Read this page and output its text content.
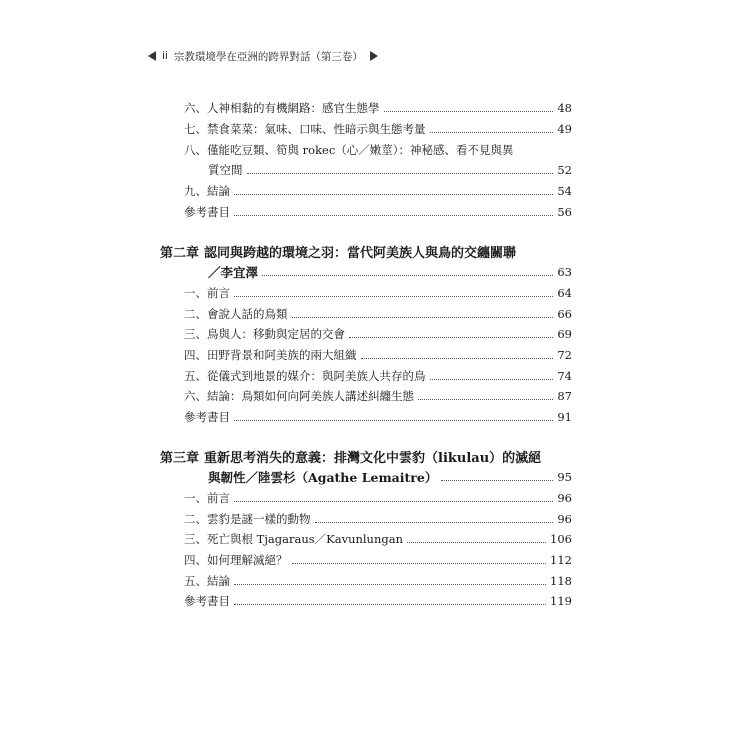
ii 宗教環境學在亞洲的跨界對話（第三卷）
六、人神相黏的有機網路：感官生態學	48
七、禁食菜菜：氣味、口味、性暗示與生態考量	49
八、僅能吃豆類、筍與 rokec（心／嫩莖）：神秘感、看不見與異
質空間	52
九、結論	54
參考書目	56
第二章 認同與跨越的環境之羽：當代阿美族人與鳥的交纏關聯
／李宜澤	63
一、前言	64
二、會說人話的鳥類	66
三、鳥與人：移動與定居的交會	69
四、田野背景和阿美族的兩大組織	72
五、從儀式到地景的媒介：與阿美族人共存的鳥	74
六、結論：鳥類如何向阿美族人講述糾纏生態	87
參考書目	91
第三章 重新思考消失的意義：排灣文化中雲豹（likulau）的滅絕
與韌性／陸雲杉（Agathe Lemaitre）	95
一、前言	96
二、雲豹是謎一樣的動物	96
三、死亡與根 Tjagaraus／Kavunlungan	106
四、如何理解滅絕？	112
五、結論	118
參考書目	119
